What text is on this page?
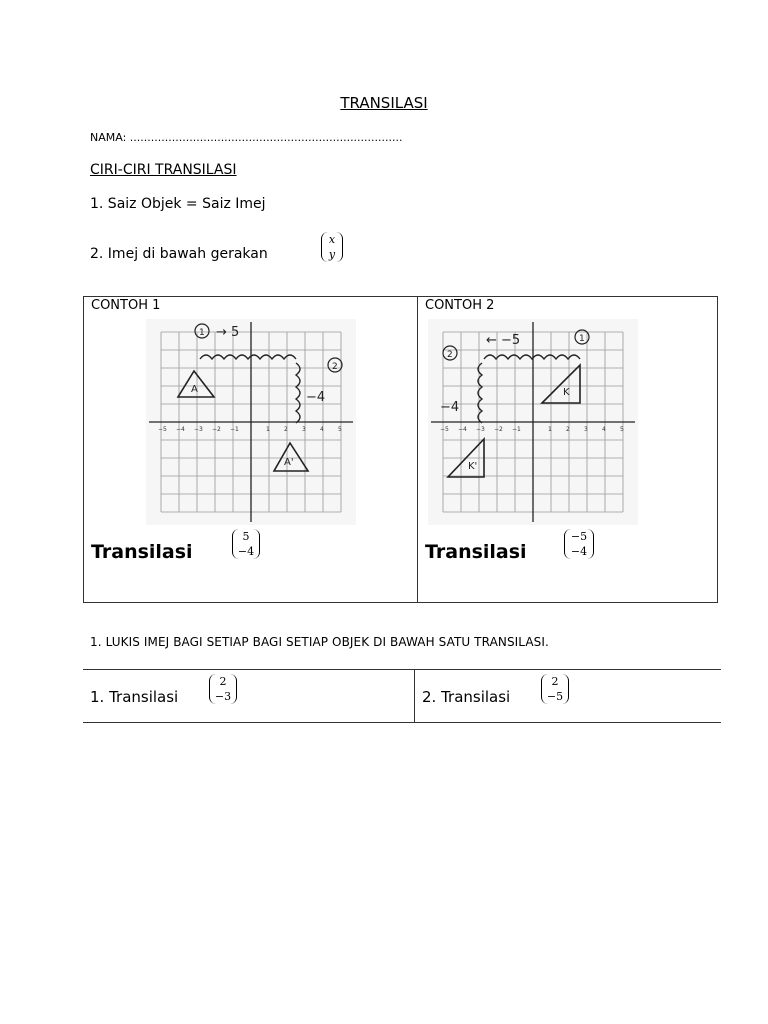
TRANSILASI
NAMA: ..............................................................................
CIRI-CIRI TRANSILASI
1. Saiz Objek = Saiz Imej
2. Imej di bawah gerakan
x
y
CONTOH 1
−5 −4 −3 −2 −1	1 2 3 4 5
1 → 5
2
−4
A
A'
Transilasi
5
−4
CONTOH 2
−5 −4 −3 −2 −1	1 2 3 4 5
1
← −5
2
−4
K
K'
Transilasi
−5
−4
1. LUKIS IMEJ BAGI SETIAP BAGI SETIAP OBJEK DI BAWAH SATU TRANSILASI.
1. Transilasi
2
−3	2. Transilasi
2
−5
